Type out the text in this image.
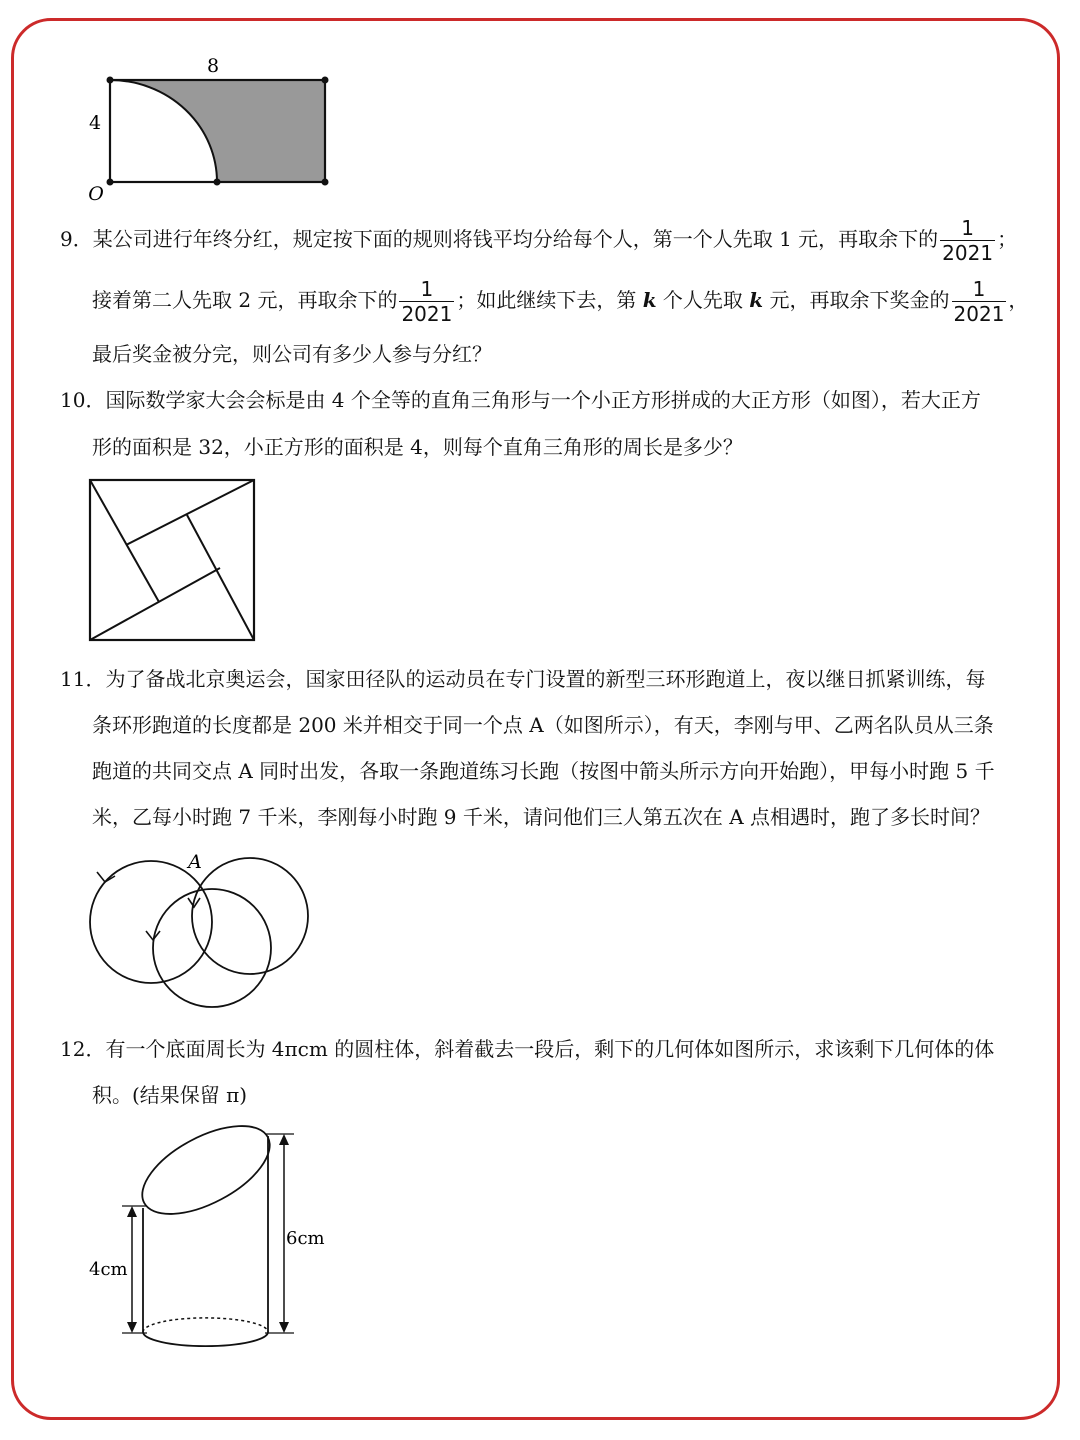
8
4
O
9．某公司进行年终分红，规定按下面的规则将钱平均分给每个人，第一个人先取 1 元，再取余下的 $\frac{1}{2021}$ ；
接着第二人先取 2 元，再取余下的 $\frac{1}{2021}$ ；如此继续下去，第 k 个人先取 k 元，再取余下奖金的 $\frac{1}{2021}$ ，
最后奖金被分完，则公司有多少人参与分红？
10．国际数学家大会会标是由 4 个全等的直角三角形与一个小正方形拼成的大正方形（如图），若大正方
形的面积是 32，小正方形的面积是 4，则每个直角三角形的周长是多少？
11．为了备战北京奥运会，国家田径队的运动员在专门设置的新型三环形跑道上，夜以继日抓紧训练，每
条环形跑道的长度都是 200 米并相交于同一个点 A（如图所示），有天，李刚与甲、乙两名队员从三条
跑道的共同交点 A 同时出发，各取一条跑道练习长跑（按图中箭头所示方向开始跑），甲每小时跑 5 千
米，乙每小时跑 7 千米，李刚每小时跑 9 千米，请问他们三人第五次在 A 点相遇时，跑了多长时间？
A
12．有一个底面周长为 4πcm 的圆柱体，斜着截去一段后，剩下的几何体如图所示，求该剩下几何体的体
积。(结果保留 π)
4cm
6cm
